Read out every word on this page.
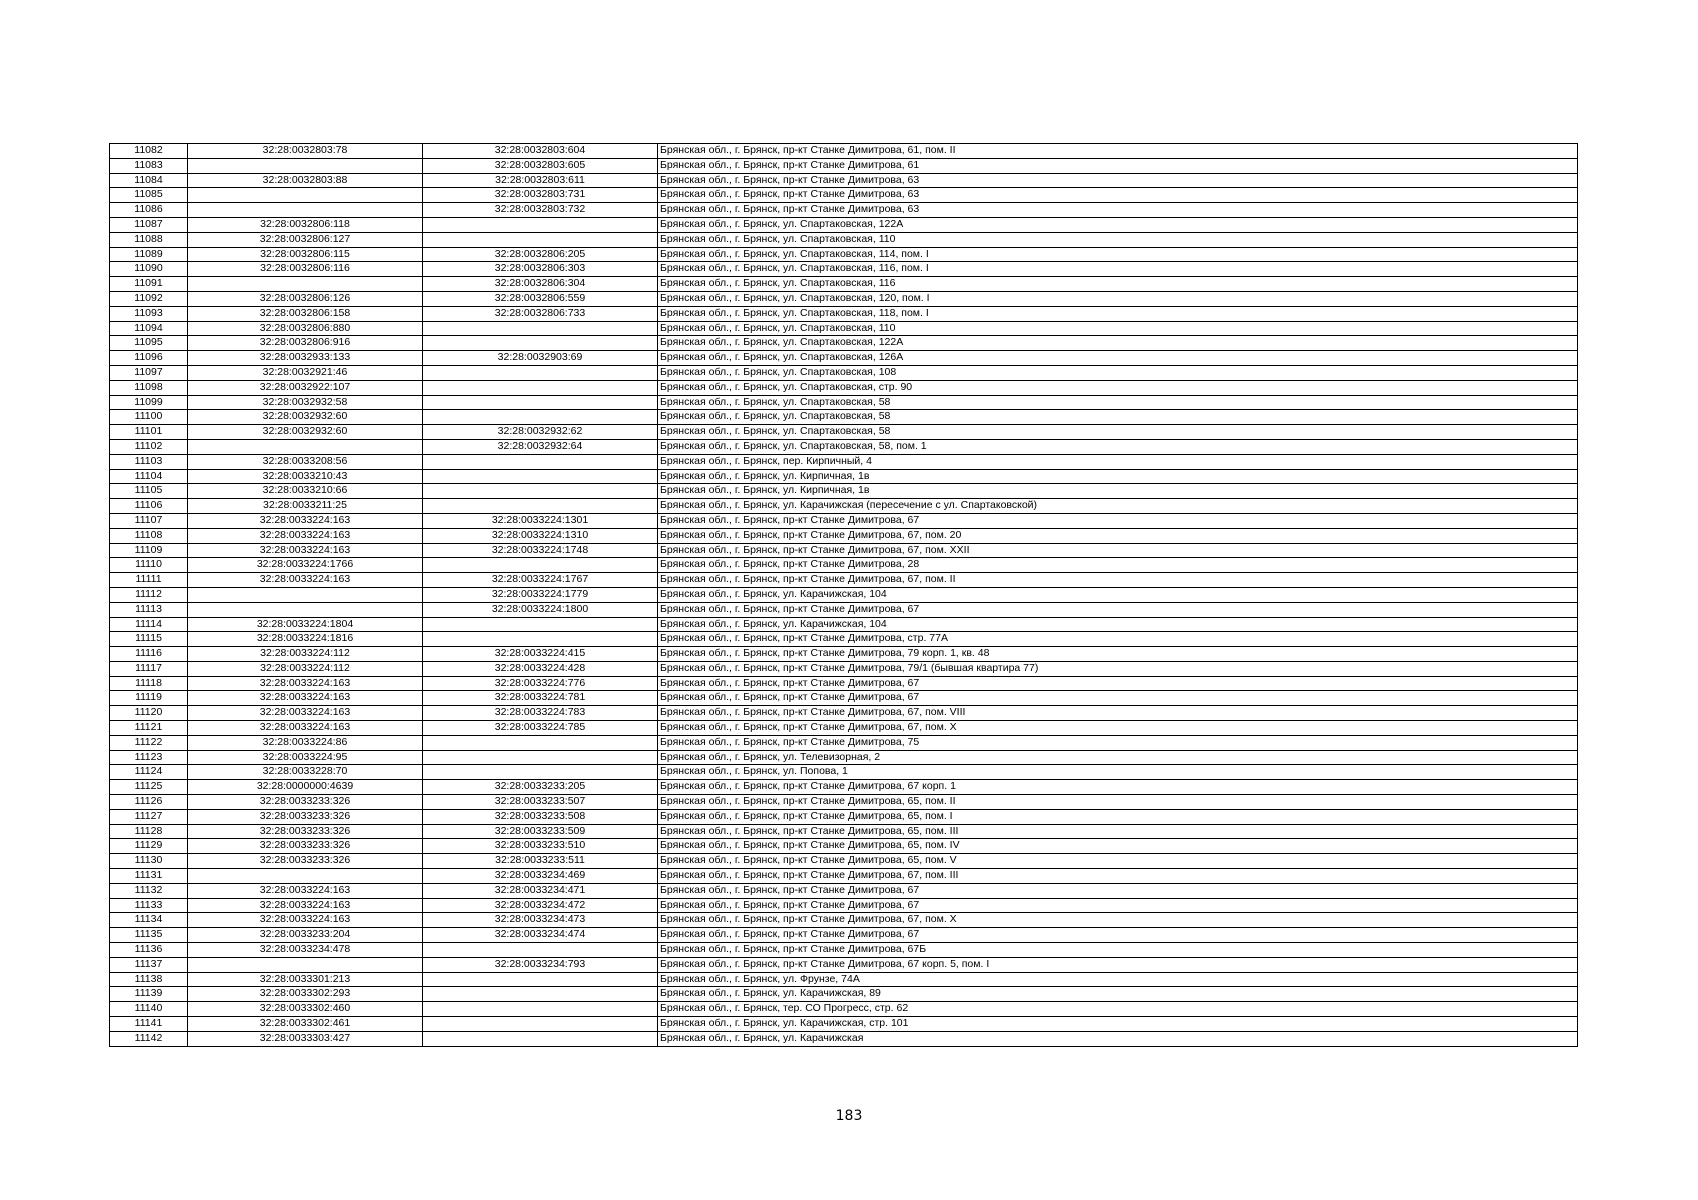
11082	32:28:0032803:78	32:28:0032803:604	Брянская обл., г. Брянск, пр-кт Станке Димитрова, 61, пом. II
11083		32:28:0032803:605	Брянская обл., г. Брянск, пр-кт Станке Димитрова, 61
11084	32:28:0032803:88	32:28:0032803:611	Брянская обл., г. Брянск, пр-кт Станке Димитрова, 63
11085		32:28:0032803:731	Брянская обл., г. Брянск, пр-кт Станке Димитрова, 63
11086		32:28:0032803:732	Брянская обл., г. Брянск, пр-кт Станке Димитрова, 63
11087	32:28:0032806:118		Брянская обл., г. Брянск, ул. Спартаковская, 122А
11088	32:28:0032806:127		Брянская обл., г. Брянск, ул. Спартаковская, 110
11089	32:28:0032806:115	32:28:0032806:205	Брянская обл., г. Брянск, ул. Спартаковская, 114, пом. I
11090	32:28:0032806:116	32:28:0032806:303	Брянская обл., г. Брянск, ул. Спартаковская, 116, пом. I
11091		32:28:0032806:304	Брянская обл., г. Брянск, ул. Спартаковская, 116
11092	32:28:0032806:126	32:28:0032806:559	Брянская обл., г. Брянск, ул. Спартаковская, 120, пом. I
11093	32:28:0032806:158	32:28:0032806:733	Брянская обл., г. Брянск, ул. Спартаковская, 118, пом. I
11094	32:28:0032806:880		Брянская обл., г. Брянск, ул. Спартаковская, 110
11095	32:28:0032806:916		Брянская обл., г. Брянск, ул. Спартаковская, 122А
11096	32:28:0032933:133	32:28:0032903:69	Брянская обл., г. Брянск, ул. Спартаковская, 126А
11097	32:28:0032921:46		Брянская обл., г. Брянск, ул. Спартаковская, 108
11098	32:28:0032922:107		Брянская обл., г. Брянск, ул. Спартаковская, стр. 90
11099	32:28:0032932:58		Брянская обл., г. Брянск, ул. Спартаковская, 58
11100	32:28:0032932:60		Брянская обл., г. Брянск, ул. Спартаковская, 58
11101	32:28:0032932:60	32:28:0032932:62	Брянская обл., г. Брянск, ул. Спартаковская, 58
11102		32:28:0032932:64	Брянская обл., г. Брянск, ул. Спартаковская, 58, пом. 1
11103	32:28:0033208:56		Брянская обл., г. Брянск, пер. Кирпичный, 4
11104	32:28:0033210:43		Брянская обл., г. Брянск, ул. Кирпичная, 1в
11105	32:28:0033210:66		Брянская обл., г. Брянск, ул. Кирпичная, 1в
11106	32:28:0033211:25		Брянская обл., г. Брянск, ул. Карачижская (пересечение с ул. Спартаковской)
11107	32:28:0033224:163	32:28:0033224:1301	Брянская обл., г. Брянск, пр-кт Станке Димитрова, 67
11108	32:28:0033224:163	32:28:0033224:1310	Брянская обл., г. Брянск, пр-кт Станке Димитрова, 67, пом. 20
11109	32:28:0033224:163	32:28:0033224:1748	Брянская обл., г. Брянск, пр-кт Станке Димитрова, 67, пом. XXII
11110	32:28:0033224:1766		Брянская обл., г. Брянск, пр-кт Станке Димитрова, 28
11111	32:28:0033224:163	32:28:0033224:1767	Брянская обл., г. Брянск, пр-кт Станке Димитрова, 67, пом. II
11112		32:28:0033224:1779	Брянская обл., г. Брянск, ул. Карачижская, 104
11113		32:28:0033224:1800	Брянская обл., г. Брянск, пр-кт Станке Димитрова, 67
11114	32:28:0033224:1804		Брянская обл., г. Брянск, ул. Карачижская, 104
11115	32:28:0033224:1816		Брянская обл., г. Брянск, пр-кт Станке Димитрова, стр. 77А
11116	32:28:0033224:112	32:28:0033224:415	Брянская обл., г. Брянск, пр-кт Станке Димитрова, 79 корп. 1, кв. 48
11117	32:28:0033224:112	32:28:0033224:428	Брянская обл., г. Брянск, пр-кт Станке Димитрова, 79/1 (бывшая квартира 77)
11118	32:28:0033224:163	32:28:0033224:776	Брянская обл., г. Брянск, пр-кт Станке Димитрова, 67
11119	32:28:0033224:163	32:28:0033224:781	Брянская обл., г. Брянск, пр-кт Станке Димитрова, 67
11120	32:28:0033224:163	32:28:0033224:783	Брянская обл., г. Брянск, пр-кт Станке Димитрова, 67, пом. VIII
11121	32:28:0033224:163	32:28:0033224:785	Брянская обл., г. Брянск, пр-кт Станке Димитрова, 67, пом. X
11122	32:28:0033224:86		Брянская обл., г. Брянск, пр-кт Станке Димитрова, 75
11123	32:28:0033224:95		Брянская обл., г. Брянск, ул. Телевизорная, 2
11124	32:28:0033228:70		Брянская обл., г. Брянск, ул. Попова, 1
11125	32:28:0000000:4639	32:28:0033233:205	Брянская обл., г. Брянск, пр-кт Станке Димитрова, 67 корп. 1
11126	32:28:0033233:326	32:28:0033233:507	Брянская обл., г. Брянск, пр-кт Станке Димитрова, 65, пом. II
11127	32:28:0033233:326	32:28:0033233:508	Брянская обл., г. Брянск, пр-кт Станке Димитрова, 65, пом. I
11128	32:28:0033233:326	32:28:0033233:509	Брянская обл., г. Брянск, пр-кт Станке Димитрова, 65, пом. III
11129	32:28:0033233:326	32:28:0033233:510	Брянская обл., г. Брянск, пр-кт Станке Димитрова, 65, пом. IV
11130	32:28:0033233:326	32:28:0033233:511	Брянская обл., г. Брянск, пр-кт Станке Димитрова, 65, пом. V
11131		32:28:0033234:469	Брянская обл., г. Брянск, пр-кт Станке Димитрова, 67, пом. III
11132	32:28:0033224:163	32:28:0033234:471	Брянская обл., г. Брянск, пр-кт Станке Димитрова, 67
11133	32:28:0033224:163	32:28:0033234:472	Брянская обл., г. Брянск, пр-кт Станке Димитрова, 67
11134	32:28:0033224:163	32:28:0033234:473	Брянская обл., г. Брянск, пр-кт Станке Димитрова, 67, пом. X
11135	32:28:0033233:204	32:28:0033234:474	Брянская обл., г. Брянск, пр-кт Станке Димитрова, 67
11136	32:28:0033234:478		Брянская обл., г. Брянск, пр-кт Станке Димитрова, 67Б
11137		32:28:0033234:793	Брянская обл., г. Брянск, пр-кт Станке Димитрова, 67 корп. 5, пом. I
11138	32:28:0033301:213		Брянская обл., г. Брянск, ул. Фрунзе, 74А
11139	32:28:0033302:293		Брянская обл., г. Брянск, ул. Карачижская, 89
11140	32:28:0033302:460		Брянская обл., г. Брянск, тер. СО Прогресс, стр. 62
11141	32:28:0033302:461		Брянская обл., г. Брянск, ул. Карачижская, стр. 101
11142	32:28:0033303:427		Брянская обл., г. Брянск, ул. Карачижская
183
